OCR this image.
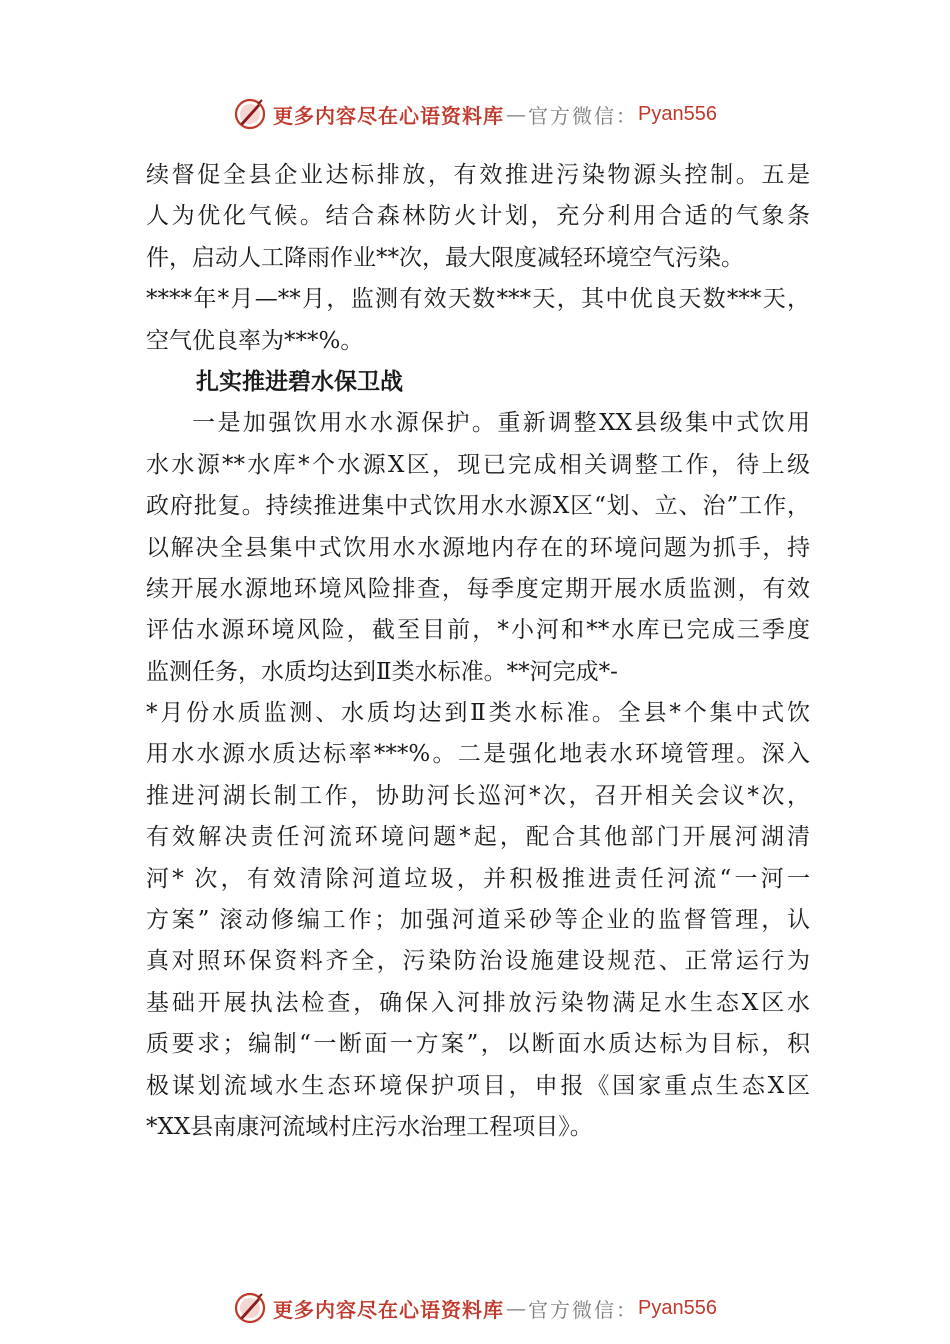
更多内容尽在心语资料库 — 官方微信： Pyan556
续督促全县企业达标排放，有效推进污染物源头控制。五是
人为优化气候。结合森林防火计划，充分利用合适的气象条
件，启动人工降雨作业**次，最大限度减轻环境空气污染。
****年*月—**月，监测有效天数***天，其中优良天数***天，
空气优良率为***%。
扎实推进碧水保卫战
一是加强饮用水水源保护。重新调整XX县级集中式饮用
水水源**水库*个水源X区，现已完成相关调整工作，待上级
政府批复。持续推进集中式饮用水水源X区“划、立、治”工作，
以解决全县集中式饮用水水源地内存在的环境问题为抓手，持
续开展水源地环境风险排查，每季度定期开展水质监测，有效
评估水源环境风险，截至目前，*小河和**水库已完成三季度
监测任务，水质均达到Ⅱ类水标准。**河完成*-
*月份水质监测、水质均达到Ⅱ类水标准。全县*个集中式饮
用水水源水质达标率***%。二是强化地表水环境管理。深入
推进河湖长制工作，协助河长巡河*次，召开相关会议*次，
有效解决责任河流环境问题*起，配合其他部门开展河湖清
河* 次，有效清除河道垃圾，并积极推进责任河流“一河一
方案” 滚动修编工作；加强河道采砂等企业的监督管理，认
真对照环保资料齐全，污染防治设施建设规范、正常运行为
基础开展执法检查，确保入河排放污染物满足水生态X区水
质要求；编制“一断面一方案”，以断面水质达标为目标，积
极谋划流域水生态环境保护项目，申报《国家重点生态X区
*XX县南康河流域村庄污水治理工程项目》。
更多内容尽在心语资料库 — 官方微信： Pyan556
